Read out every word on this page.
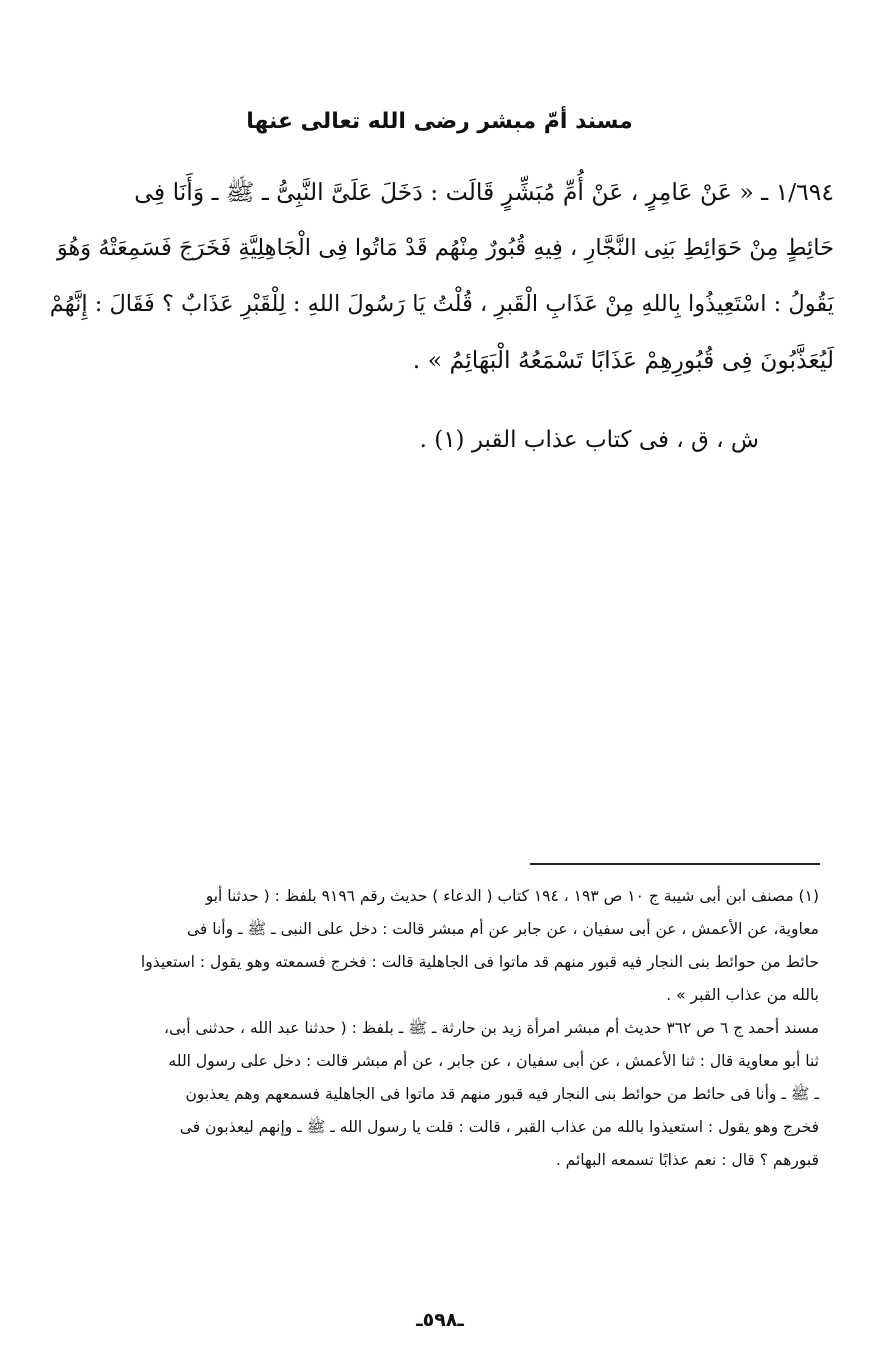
مسند أمّ مبشر رضى الله تعالى عنها
١/٦٩٤ ـ « عَنْ عَامِرٍ ، عَنْ أُمِّ مُبَشِّرٍ قَالَت : دَخَلَ عَلَىَّ النَّبِىُّ ـ ﷺ ـ وَأَنَا فِى
حَائِطٍ مِنْ حَوَائِطِ بَنِى النَّجَّارِ ، فِيهِ قُبُورٌ مِنْهُم قَدْ مَاتُوا فِى الْجَاهِلِيَّةِ فَخَرَجَ فَسَمِعَتْهُ وَهُوَ
يَقُولُ : اسْتَعِيذُوا بِاللهِ مِنْ عَذَابِ الْقَبرِ ، قُلْتُ يَا رَسُولَ اللهِ : لِلْقَبْرِ عَذَابٌ ؟ فَقَالَ : إِنَّهُمْ
لَيُعَذَّبُونَ فِى قُبُورِهِمْ عَذَابًا تَسْمَعُهُ الْبَهَائِمُ » .
ش ، ق ، فى كتاب عذاب القبر (١) .
(١) مصنف ابن أبى شيبة ج ١٠ ص ١٩٣ ، ١٩٤ كتاب ( الدعاء ) حديث رقم ٩١٩٦ بلفظ : ( حدثنا أبو
معاوية، عن الأعمش ، عن أبى سفيان ، عن جابر عن أم مبشر قالت : دخل على النبى ـ ﷺ ـ وأنا فى
حائط من حوائط بنى النجار فيه قبور منهم قد ماتوا فى الجاهلية قالت : فخرج فسمعته وهو يقول : استعيذوا
بالله من عذاب القبر » .
مسند أحمد ج ٦ ص ٣٦٢ حديث أم مبشر امرأة زيد بن حارثة ـ ﷺ ـ بلفظ : ( حدثنا عبد الله ، حدثنى أبى،
ثنا أبو معاوية قال : ثنا الأعمش ، عن أبى سفيان ، عن جابر ، عن أم مبشر قالت : دخل على رسول الله
ـ ﷺ ـ وأنا فى حائط من حوائط بنى النجار فيه قبور منهم قد ماتوا فى الجاهلية فسمعهم وهم يعذبون
فخرج وهو يقول : استعيذوا بالله من عذاب القبر ، قالت : قلت يا رسول الله ـ ﷺ ـ وإنهم ليعذبون فى
قبورهم ؟ قال : نعم عذابًا تسمعه البهائم .
ـ٥٩٨ـ
